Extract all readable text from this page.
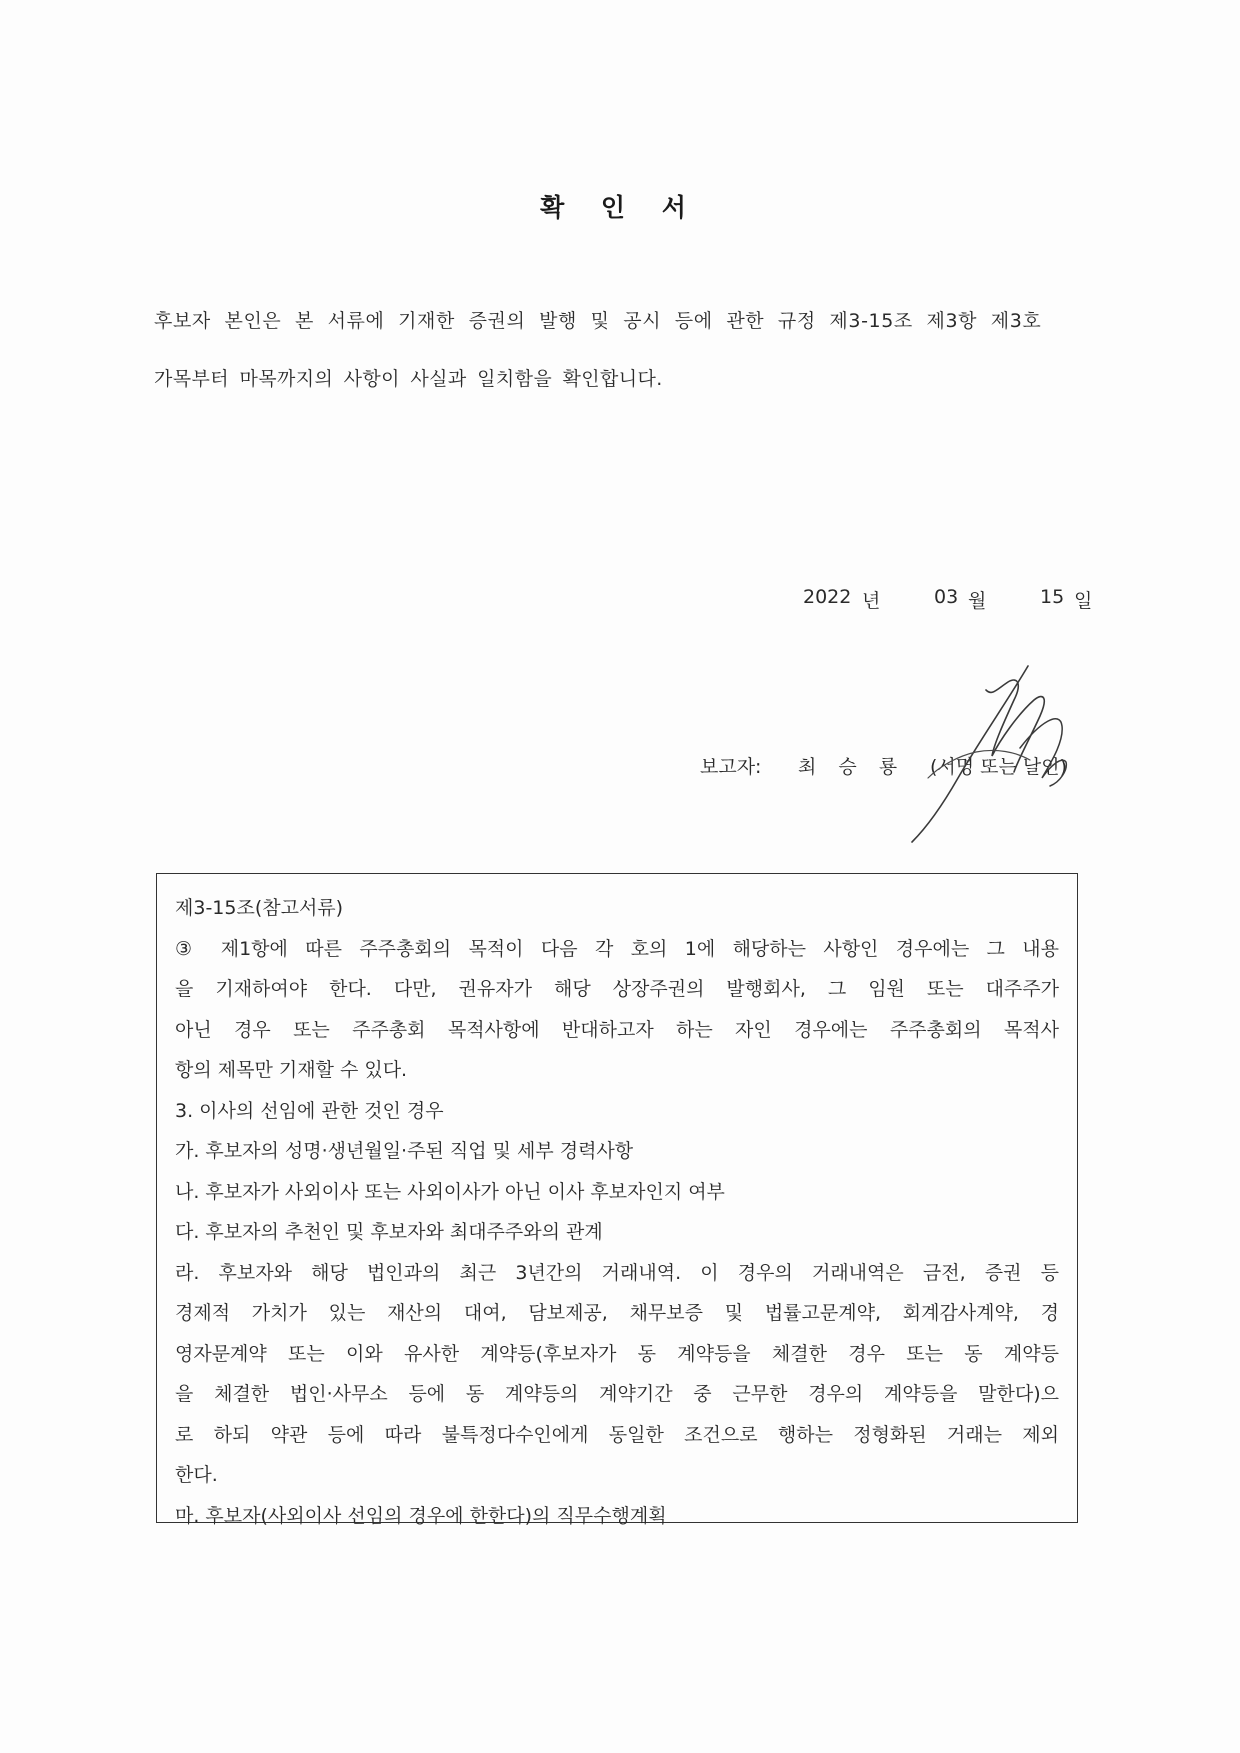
확 인 서
후보자 본인은 본 서류에 기재한 증권의 발행 및 공시 등에 관한 규정 제3-15조 제3항 제3호
가목부터 마목까지의 사항이 사실과 일치함을 확인합니다.
2022 년	03 월	15 일
보고자: 최 승 룡 (서명 또는 날인)
제3-15조(참고서류)
③ 제1항에 따른 주주총회의 목적이 다음 각 호의 1에 해당하는 사항인 경우에는 그 내용
을 기재하여야 한다. 다만, 권유자가 해당 상장주권의 발행회사, 그 임원 또는 대주주가
아닌 경우 또는 주주총회 목적사항에 반대하고자 하는 자인 경우에는 주주총회의 목적사
항의 제목만 기재할 수 있다.
3. 이사의 선임에 관한 것인 경우
가. 후보자의 성명·생년월일·주된 직업 및 세부 경력사항
나. 후보자가 사외이사 또는 사외이사가 아닌 이사 후보자인지 여부
다. 후보자의 추천인 및 후보자와 최대주주와의 관계
라. 후보자와 해당 법인과의 최근 3년간의 거래내역. 이 경우의 거래내역은 금전, 증권 등
경제적 가치가 있는 재산의 대여, 담보제공, 채무보증 및 법률고문계약, 회계감사계약, 경
영자문계약 또는 이와 유사한 계약등(후보자가 동 계약등을 체결한 경우 또는 동 계약등
을 체결한 법인·사무소 등에 동 계약등의 계약기간 중 근무한 경우의 계약등을 말한다)으
로 하되 약관 등에 따라 불특정다수인에게 동일한 조건으로 행하는 정형화된 거래는 제외
한다.
마. 후보자(사외이사 선임의 경우에 한한다)의 직무수행계획
